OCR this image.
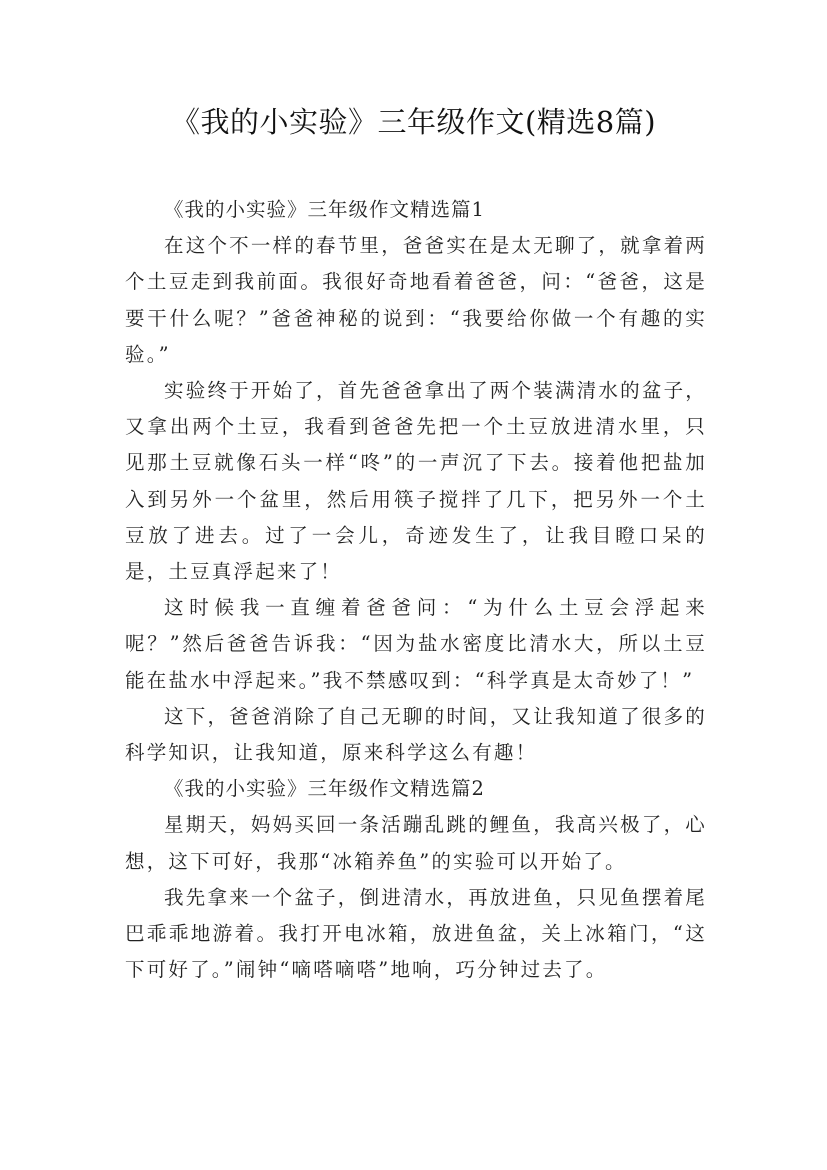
《我的小实验》三年级作文(精选8篇)
《我的小实验》三年级作文精选篇1

在这个不一样的春节里，爸爸实在是太无聊了，就拿着两个土豆走到我前面。我很好奇地看着爸爸，问：“爸爸，这是要干什么呢？”爸爸神秘的说到：“我要给你做一个有趣的实验。”

实验终于开始了，首先爸爸拿出了两个装满清水的盆子，又拿出两个土豆，我看到爸爸先把一个土豆放进清水里，只见那土豆就像石头一样“咚”的一声沉了下去。接着他把盐加入到另外一个盆里，然后用筷子搅拌了几下，把另外一个土豆放了进去。过了一会儿，奇迹发生了，让我目瞪口呆的是，土豆真浮起来了！

这时候我一直缠着爸爸问：“为什么土豆会浮起来呢？”然后爸爸告诉我：“因为盐水密度比清水大，所以土豆能在盐水中浮起来。”我不禁感叹到：“科学真是太奇妙了！”

这下，爸爸消除了自己无聊的时间，又让我知道了很多的科学知识，让我知道，原来科学这么有趣！

《我的小实验》三年级作文精选篇2

星期天，妈妈买回一条活蹦乱跳的鲤鱼，我高兴极了，心想，这下可好，我那“冰箱养鱼”的实验可以开始了。

我先拿来一个盆子，倒进清水，再放进鱼，只见鱼摆着尾巴乖乖地游着。我打开电冰箱，放进鱼盆，关上冰箱门，“这下可好了。”闹钟“嘀嗒嘀嗒”地响，巧分钟过去了。
